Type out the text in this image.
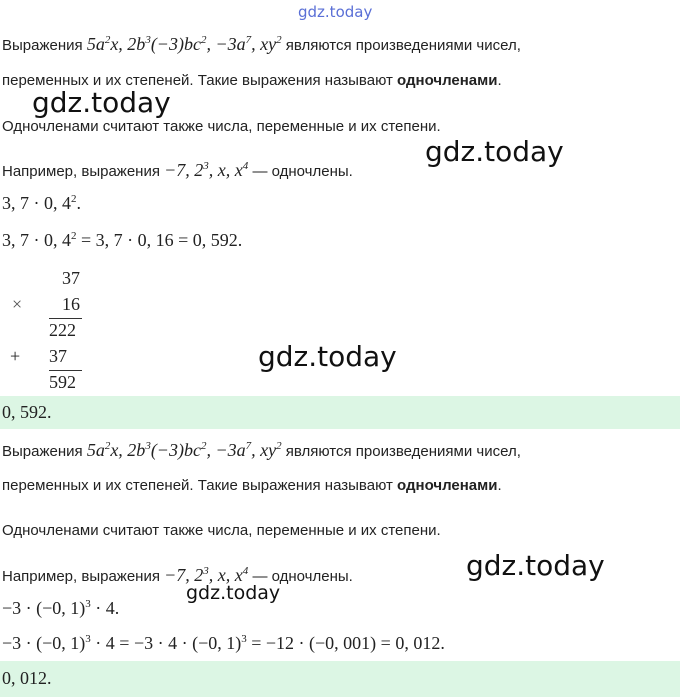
gdz.today
gdz.today
gdz.today
gdz.today
gdz.today
gdz.today
Выражения $5a^2x$, $2b^3(-3)bc^2$, $-3a^7$, $xy^2$ являются произведениями чисел,
переменных и их степеней. Такие выражения называют одночленами.
Одночленами считают также числа, переменные и их степени.
Например, выражения −7, $2^3$, x, $x^4$ — одночлены.
3, 7 · 0, $4^2$.
3, 7 · 0, $4^2 = 3$, 7 · 0, 16 = 0, 592.
37
× 16
222
+ 37
592
0, 592.
Выражения $5a^2x$, $2b^3(-3)bc^2$, $-3a^7$, $xy^2$ являются произведениями чисел,
переменных и их степеней. Такие выражения называют одночленами.
Одночленами считают также числа, переменные и их степени.
Например, выражения −7, $2^3$, x, $x^4$ — одночлены.
−3 · (−0, 1)$^3$ · 4.
−3 · (−0, 1)$^3$ · 4 = −3 · 4 · (−0, 1)$^3$ = −12 · (−0, 001) = 0, 012.
0, 012.
